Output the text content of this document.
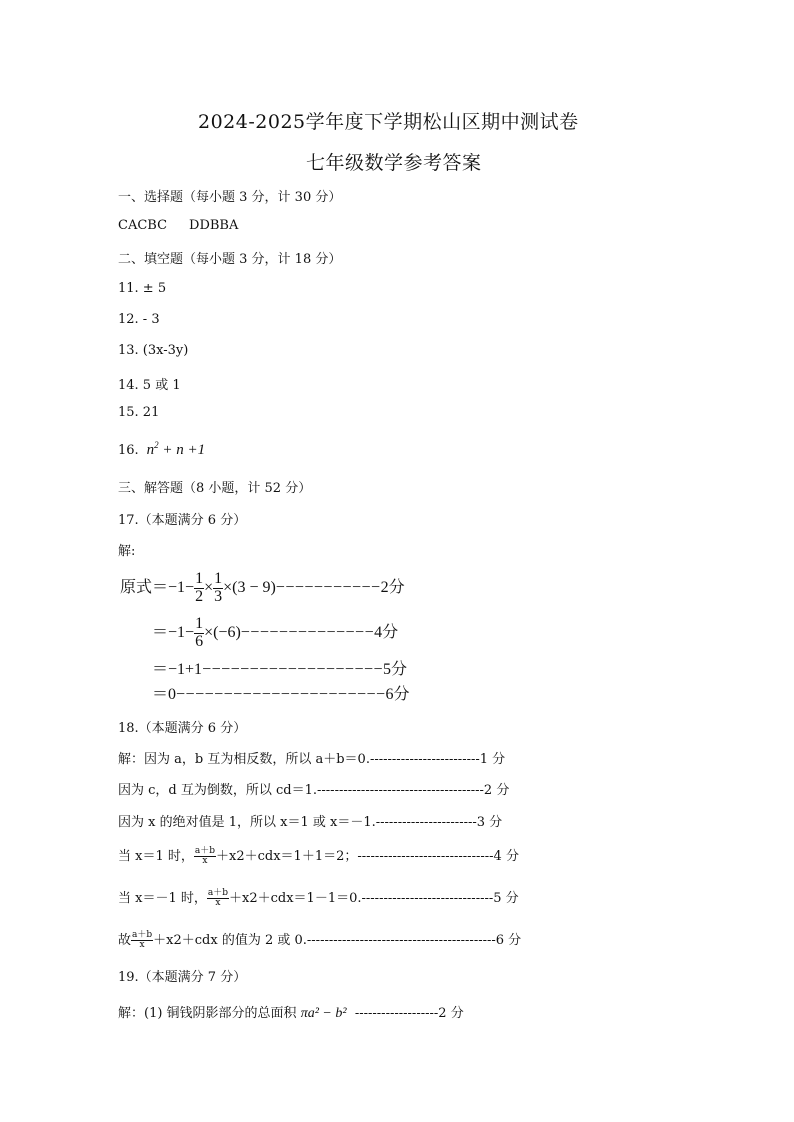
2024-2025学年度下学期松山区期中测试卷
七年级数学参考答案
一、选择题（每小题 3 分，计 30 分）
CACBC DDBBA
二、填空题（每小题 3 分，计 18 分）
11. ± 5
12. - 3
13. (3x-3y)
14. 5 或 1
15. 21
16.  $n^2 + n +1$
三、解答题（8 小题，计 52 分）
17.（本题满分 6 分）
解:
原式$=-1- \frac{1}{2} \times \frac{1}{3} \times(3 - 9)-----------2$分
$=-1- \frac{1}{6} \times(-6)--------------4$分
＝−1+1−−−−−−−−−−−−−−−−−−−5分
＝0−−−−−−−−−−−−−−−−−−−−−−6分
18.（本题满分 6 分）
解：因为 a，b 互为相反数，所以 a＋b＝0.-------------------------1 分
因为 c，d 互为倒数，所以 cd＝1.--------------------------------------2 分
因为 x 的绝对值是 1，所以 x＝1 或 x＝－1.-----------------------3 分
当 x＝1 时， $\frac{a+b}{x} +x2+cdx=1+1=2$；-------------------------------4 分
当 x＝－1 时， $\frac{a+b}{x} +x2+cdx=1-1=0.------------------------------5$ 分
故 $\frac{a+b}{x} +x2+cdx$ 的值为 2 或 0.-------------------------------------------6 分
19.（本题满分 7 分）
解：(1) 铜钱阴影部分的总面积 πa² − b² -------------------2 分
